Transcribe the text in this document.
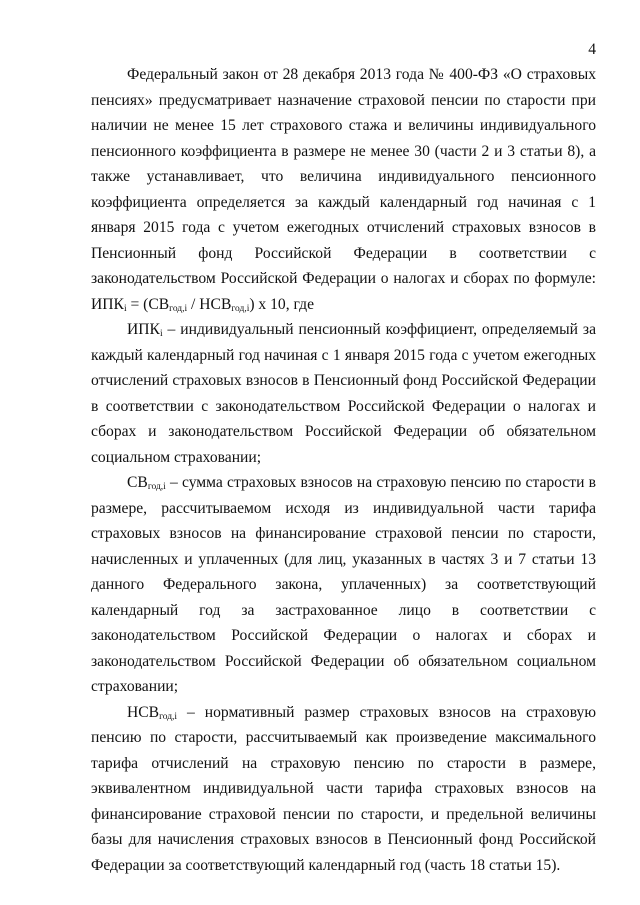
4

Федеральный закон от 28 декабря 2013 года № 400-ФЗ «О страховых пенсиях» предусматривает назначение страховой пенсии по старости при наличии не менее 15 лет страхового стажа и величины индивидуального пенсионного коэффициента в размере не менее 30 (части 2 и 3 статьи 8), а также устанавливает, что величина индивидуального пенсионного коэффициента определяется за каждый календарный год начиная с 1 января 2015 года с учетом ежегодных отчислений страховых взносов в Пенсионный фонд Российской Федерации в соответствии с законодательством Российской Федерации о налогах и сборах по формуле: $ИПК_i = (СВ_{год,i} / НСВ_{год,i})$ x 10, где

$ИПК_i$ – индивидуальный пенсионный коэффициент, определяемый за каждый календарный год начиная с 1 января 2015 года с учетом ежегодных отчислений страховых взносов в Пенсионный фонд Российской Федерации в соответствии с законодательством Российской Федерации о налогах и сборах и законодательством Российской Федерации об обязательном социальном страховании;

$СВ_{год,i}$ – сумма страховых взносов на страховую пенсию по старости в размере, рассчитываемом исходя из индивидуальной части тарифа страховых взносов на финансирование страховой пенсии по старости, начисленных и уплаченных (для лиц, указанных в частях 3 и 7 статьи 13 данного Федерального закона, уплаченных) за соответствующий календарный год за застрахованное лицо в соответствии с законодательством Российской Федерации о налогах и сборах и законодательством Российской Федерации об обязательном социальном страховании;

$НСВ_{год,i}$ – нормативный размер страховых взносов на страховую пенсию по старости, рассчитываемый как произведение максимального тарифа отчислений на страховую пенсию по старости в размере, эквивалентном индивидуальной части тарифа страховых взносов на финансирование страховой пенсии по старости, и предельной величины базы для начисления страховых взносов в Пенсионный фонд Российской Федерации за соответствующий календарный год (часть 18 статьи 15).
